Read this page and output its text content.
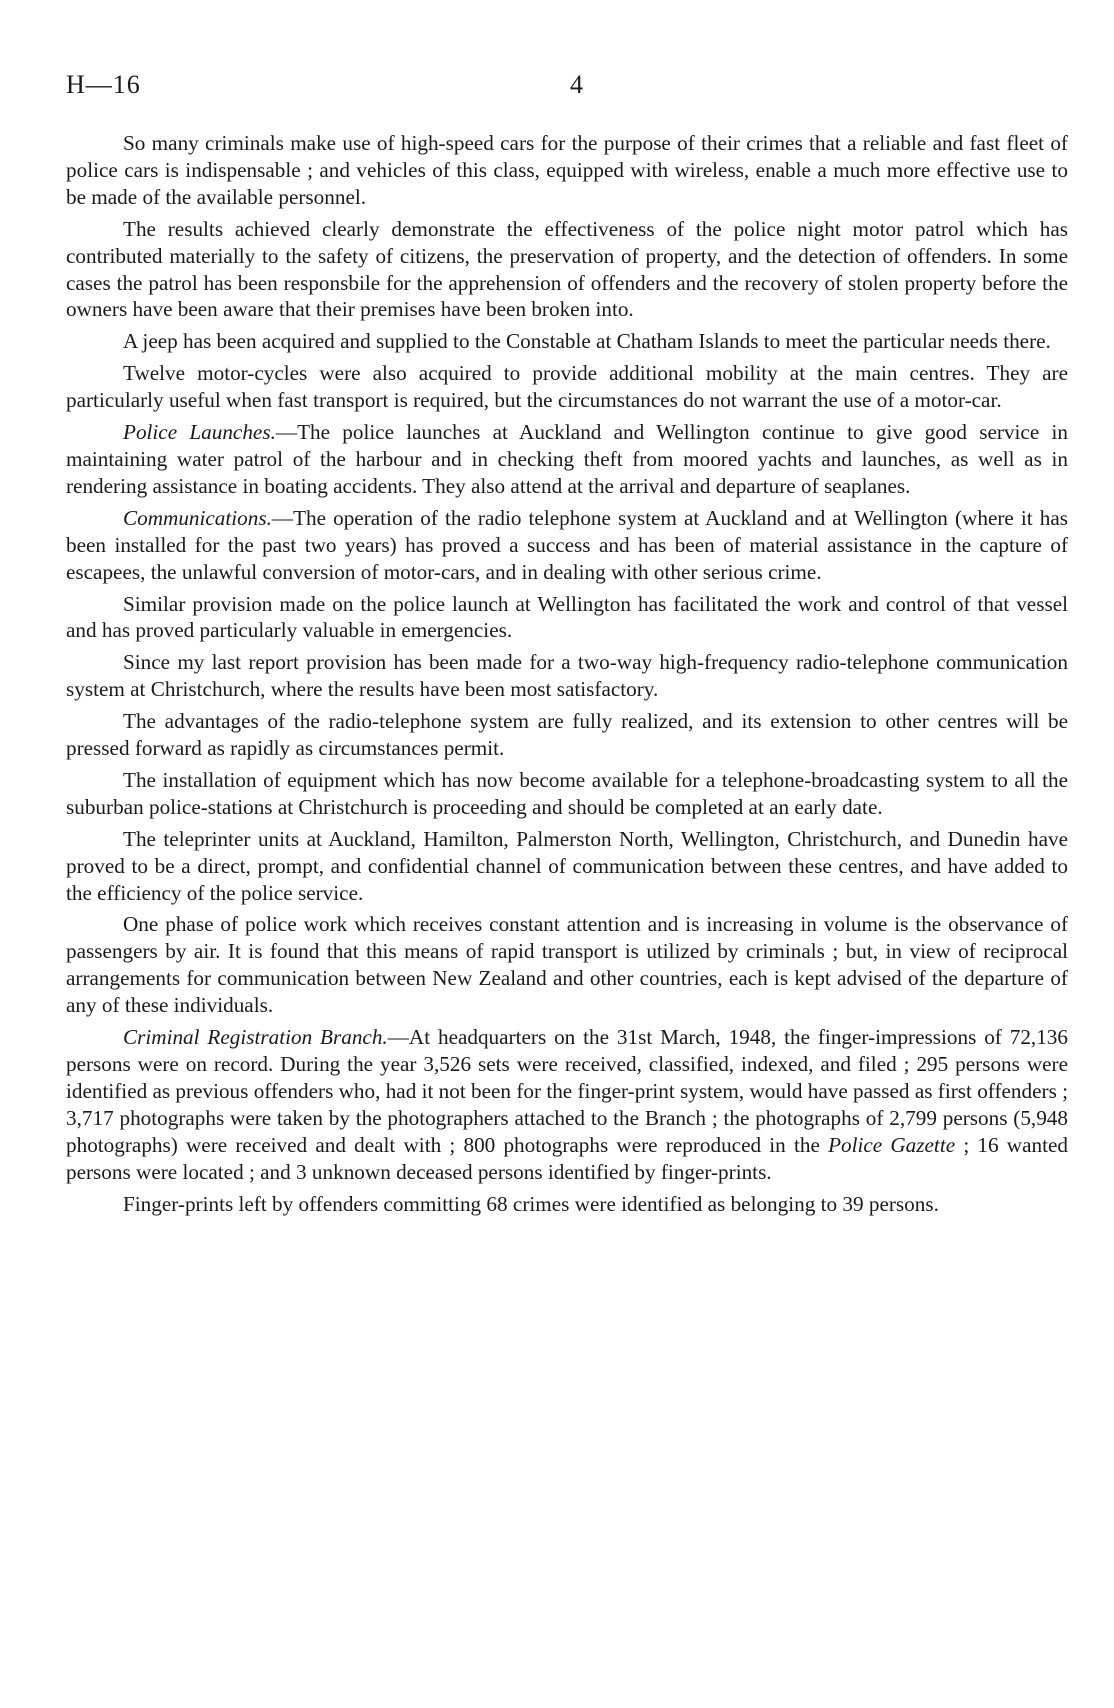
H—16	4

So many criminals make use of high-speed cars for the purpose of their crimes that a reliable and fast fleet of police cars is indispensable ; and vehicles of this class, equipped with wireless, enable a much more effective use to be made of the available personnel.

The results achieved clearly demonstrate the effectiveness of the police night motor patrol which has contributed materially to the safety of citizens, the preservation of property, and the detection of offenders. In some cases the patrol has been responsbile for the apprehension of offenders and the recovery of stolen property before the owners have been aware that their premises have been broken into.

A jeep has been acquired and supplied to the Constable at Chatham Islands to meet the particular needs there.

Twelve motor-cycles were also acquired to provide additional mobility at the main centres. They are particularly useful when fast transport is required, but the circumstances do not warrant the use of a motor-car.

Police Launches.—The police launches at Auckland and Wellington continue to give good service in maintaining water patrol of the harbour and in checking theft from moored yachts and launches, as well as in rendering assistance in boating accidents. They also attend at the arrival and departure of seaplanes.

Communications.—The operation of the radio telephone system at Auckland and at Wellington (where it has been installed for the past two years) has proved a success and has been of material assistance in the capture of escapees, the unlawful conversion of motor-cars, and in dealing with other serious crime.

Similar provision made on the police launch at Wellington has facilitated the work and control of that vessel and has proved particularly valuable in emergencies.

Since my last report provision has been made for a two-way high-frequency radio-telephone communication system at Christchurch, where the results have been most satisfactory.

The advantages of the radio-telephone system are fully realized, and its extension to other centres will be pressed forward as rapidly as circumstances permit.

The installation of equipment which has now become available for a telephone-broadcasting system to all the suburban police-stations at Christchurch is proceeding and should be completed at an early date.

The teleprinter units at Auckland, Hamilton, Palmerston North, Wellington, Christchurch, and Dunedin have proved to be a direct, prompt, and confidential channel of communication between these centres, and have added to the efficiency of the police service.

One phase of police work which receives constant attention and is increasing in volume is the observance of passengers by air. It is found that this means of rapid transport is utilized by criminals ; but, in view of reciprocal arrangements for communication between New Zealand and other countries, each is kept advised of the departure of any of these individuals.

Criminal Registration Branch.—At headquarters on the 31st March, 1948, the finger-impressions of 72,136 persons were on record. During the year 3,526 sets were received, classified, indexed, and filed ; 295 persons were identified as previous offenders who, had it not been for the finger-print system, would have passed as first offenders ; 3,717 photographs were taken by the photographers attached to the Branch ; the photographs of 2,799 persons (5,948 photographs) were received and dealt with ; 800 photographs were reproduced in the Police Gazette ; 16 wanted persons were located ; and 3 unknown deceased persons identified by finger-prints.

Finger-prints left by offenders committing 68 crimes were identified as belonging to 39 persons.
